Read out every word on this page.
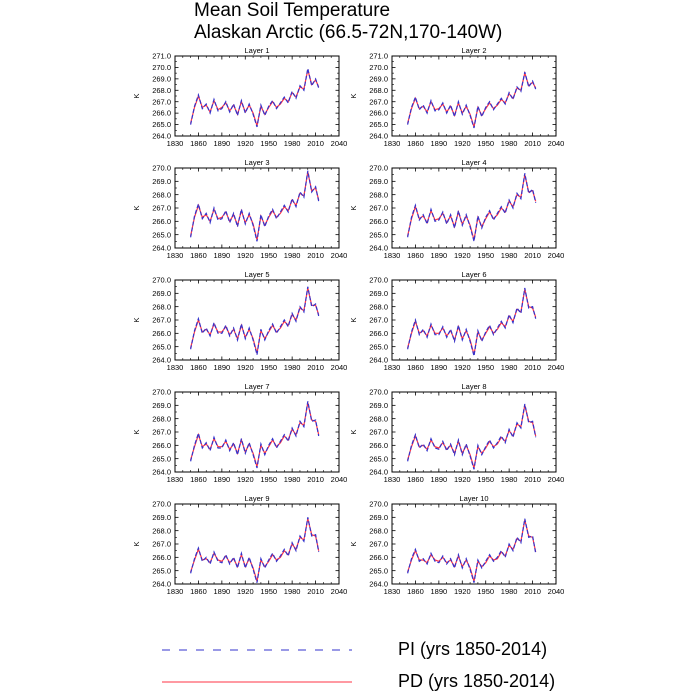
Mean Soil Temperature
Alaskan Arctic (66.5-72N,170-140W)
Layer 1
K
1830 1860 1890 1920 1950 1980 2010 2040
264.0
265.0
266.0
267.0
268.0
269.0
270.0
271.0
Layer 2
K
1830 1860 1890 1920 1950 1980 2010 2040
264.0
265.0
266.0
267.0
268.0
269.0
270.0
271.0
Layer 3
K
1830 1860 1890 1920 1950 1980 2010 2040
264.0
265.0
266.0
267.0
268.0
269.0
270.0
Layer 4
K
1830 1860 1890 1920 1950 1980 2010 2040
264.0
265.0
266.0
267.0
268.0
269.0
270.0
Layer 5
K
1830 1860 1890 1920 1950 1980 2010 2040
264.0
265.0
266.0
267.0
268.0
269.0
270.0
Layer 6
K
1830 1860 1890 1920 1950 1980 2010 2040
264.0
265.0
266.0
267.0
268.0
269.0
270.0
Layer 7
K
1830 1860 1890 1920 1950 1980 2010 2040
264.0
265.0
266.0
267.0
268.0
269.0
270.0
Layer 8
K
1830 1860 1890 1920 1950 1980 2010 2040
264.0
265.0
266.0
267.0
268.0
269.0
270.0
Layer 9
K
1830 1860 1890 1920 1950 1980 2010 2040
264.0
265.0
266.0
267.0
268.0
269.0
270.0
Layer 10
K
1830 1860 1890 1920 1950 1980 2010 2040
264.0
265.0
266.0
267.0
268.0
269.0
270.0
PI (yrs 1850-2014)
PD (yrs 1850-2014)
